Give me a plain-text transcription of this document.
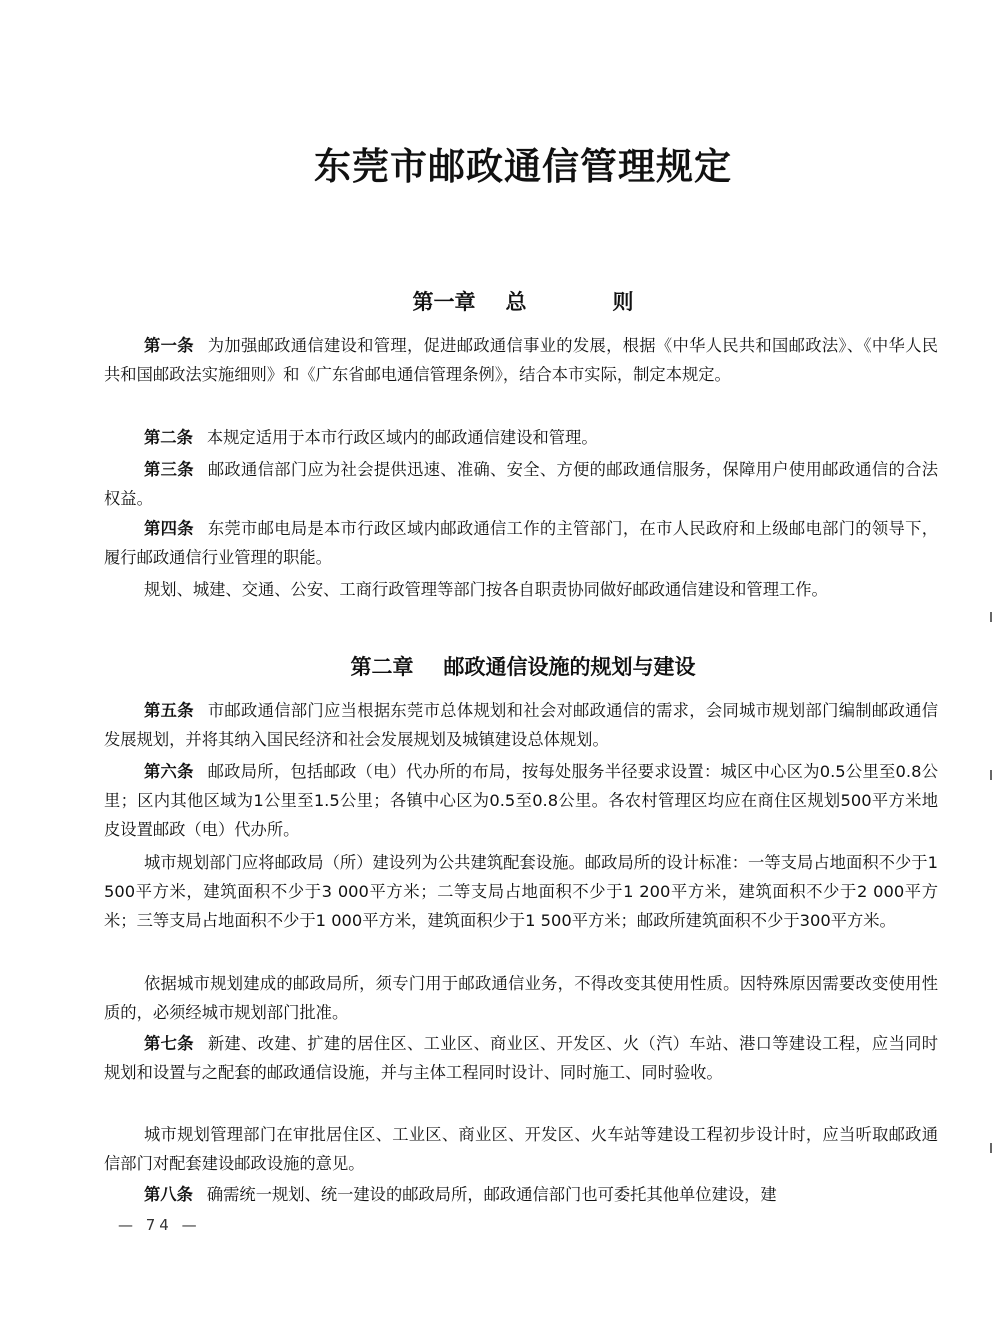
东莞市邮政通信管理规定
第一章 总	则

第一条 为加强邮政通信建设和管理，促进邮政通信事业的发展，根据《中华人民共和国邮政法》、《中华人民共和国邮政法实施细则》和《广东省邮电通信管理条例》，结合本市实际，制定本规定。

第二条 本规定适用于本市行政区域内的邮政通信建设和管理。

第三条 邮政通信部门应为社会提供迅速、准确、安全、方便的邮政通信服务，保障用户使用邮政通信的合法权益。

第四条 东莞市邮电局是本市行政区域内邮政通信工作的主管部门，在市人民政府和上级邮电部门的领导下，履行邮政通信行业管理的职能。

规划、城建、交通、公安、工商行政管理等部门按各自职责协同做好邮政通信建设和管理工作。

第二章 邮政通信设施的规划与建设

第五条 市邮政通信部门应当根据东莞市总体规划和社会对邮政通信的需求，会同城市规划部门编制邮政通信发展规划，并将其纳入国民经济和社会发展规划及城镇建设总体规划。

第六条 邮政局所，包括邮政（电）代办所的布局，按每处服务半径要求设置：城区中心区为0.5公里至0.8公里；区内其他区域为1公里至1.5公里；各镇中心区为0.5至0.8公里。各农村管理区均应在商住区规划500平方米地皮设置邮政（电）代办所。

城市规划部门应将邮政局（所）建设列为公共建筑配套设施。邮政局所的设计标准：一等支局占地面积不少于1 500平方米，建筑面积不少于3 000平方米；二等支局占地面积不少于1 200平方米，建筑面积不少于2 000平方米；三等支局占地面积不少于1 000平方米，建筑面积少于1 500平方米；邮政所建筑面积不少于300平方米。

依据城市规划建成的邮政局所，须专门用于邮政通信业务，不得改变其使用性质。因特殊原因需要改变使用性质的，必须经城市规划部门批准。

第七条 新建、改建、扩建的居住区、工业区、商业区、开发区、火（汽）车站、港口等建设工程，应当同时规划和设置与之配套的邮政通信设施，并与主体工程同时设计、同时施工、同时验收。

城市规划管理部门在审批居住区、工业区、商业区、开发区、火车站等建设工程初步设计时，应当听取邮政通信部门对配套建设邮政设施的意见。

第八条 确需统一规划、统一建设的邮政局所，邮政通信部门也可委托其他单位建设，建

— 74 —
